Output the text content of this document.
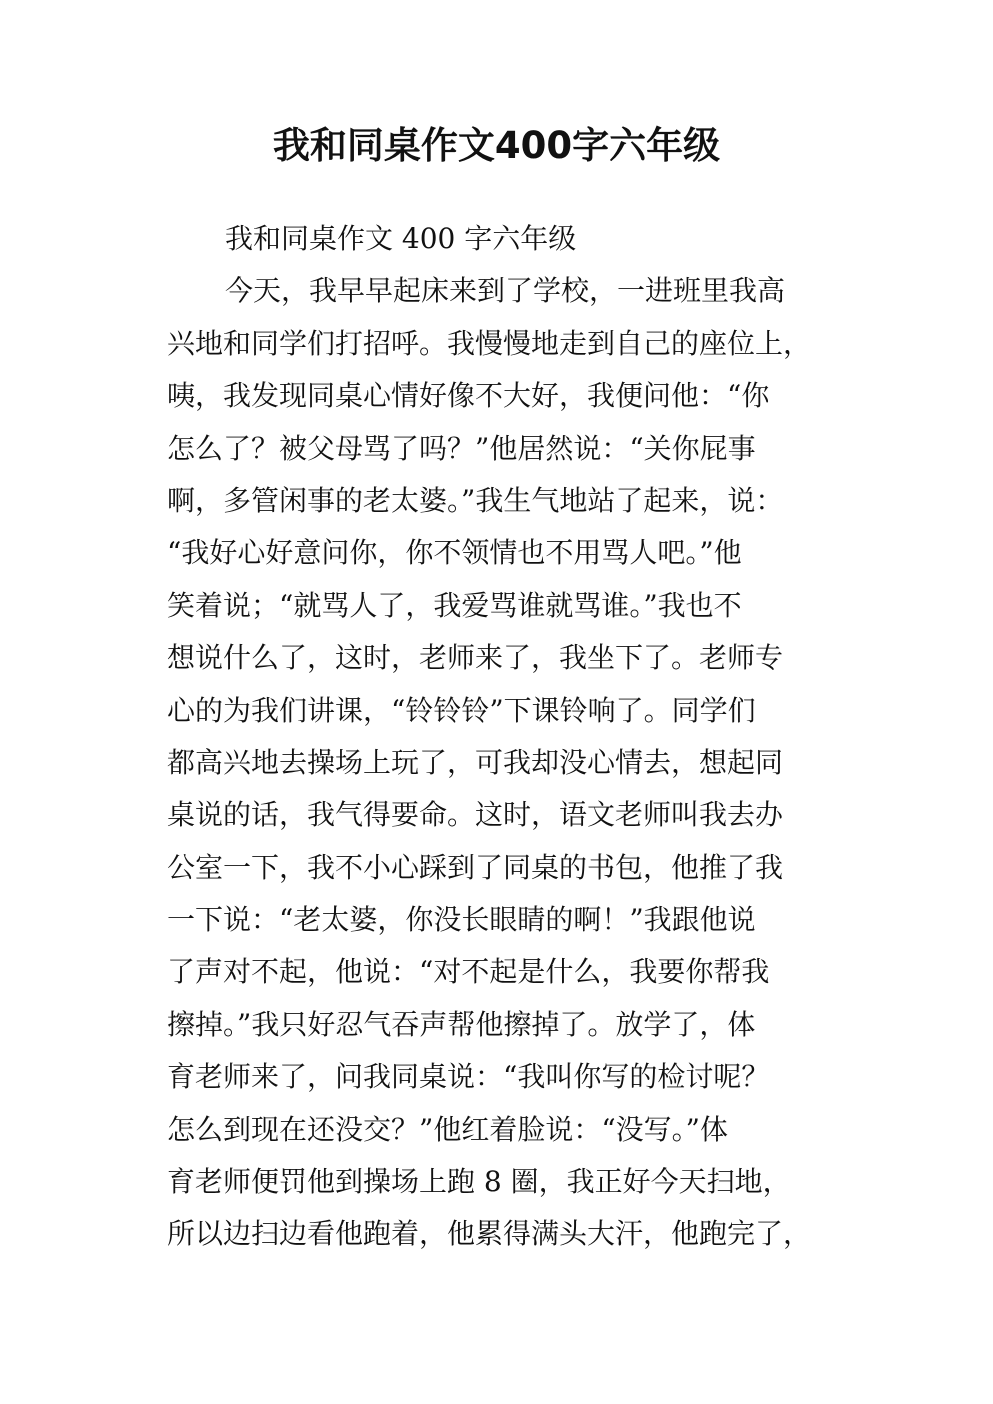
我和同桌作文400字六年级
我和同桌作文 400 字六年级
今天，我早早起床来到了学校，一进班里我高
兴地和同学们打招呼。我慢慢地走到自己的座位上，
咦，我发现同桌心情好像不大好，我便问他：“你
怎么了？被父母骂了吗？”他居然说：“关你屁事
啊，多管闲事的老太婆。”我生气地站了起来，说：
“我好心好意问你，你不领情也不用骂人吧。”他
笑着说；“就骂人了，我爱骂谁就骂谁。”我也不
想说什么了，这时，老师来了，我坐下了。老师专
心的为我们讲课，“铃铃铃”下课铃响了。同学们
都高兴地去操场上玩了，可我却没心情去，想起同
桌说的话，我气得要命。这时，语文老师叫我去办
公室一下，我不小心踩到了同桌的书包，他推了我
一下说：“老太婆，你没长眼睛的啊！”我跟他说
了声对不起，他说：“对不起是什么，我要你帮我
擦掉。”我只好忍气吞声帮他擦掉了。放学了，体
育老师来了，问我同桌说：“我叫你写的检讨呢？
怎么到现在还没交？”他红着脸说：“没写。”体
育老师便罚他到操场上跑 8 圈，我正好今天扫地，
所以边扫边看他跑着，他累得满头大汗，他跑完了，
